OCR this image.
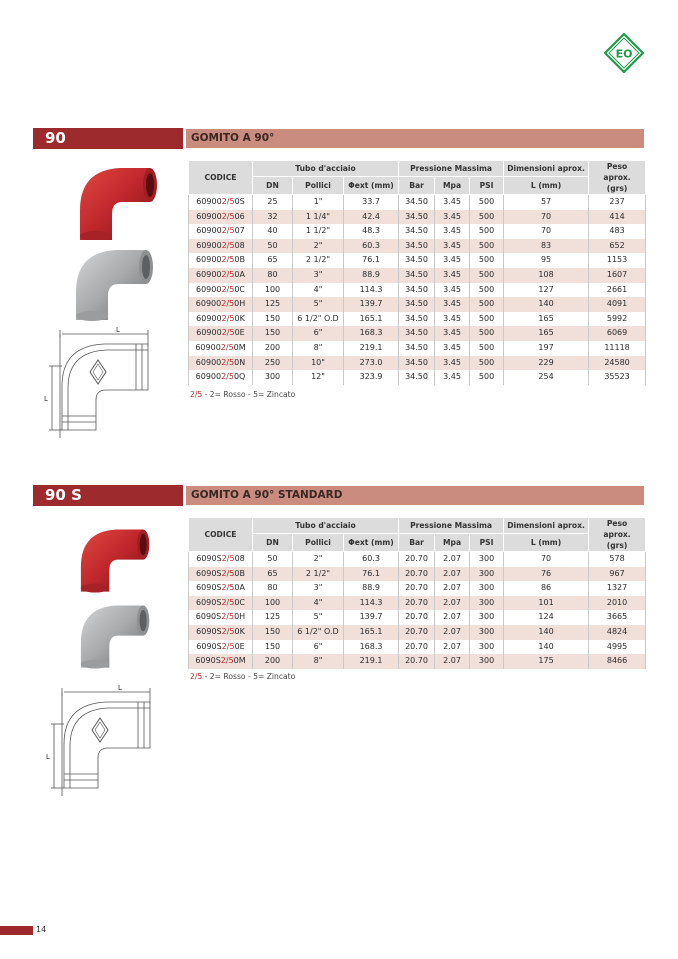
EO
90	GOMITO A 90°
L
L
CODICE	Tubo d'acciaio			Pressione Massima			Dimensioni aprox.	Peso aprox. (grs)
	DN	Pollici	Φext (mm)	Bar	Mpa	PSI	L (mm)	
609002/50S	25	1"	33.7	34.50	3.45	500	57	237
609002/506	32	1 1/4"	42.4	34.50	3.45	500	70	414
609002/507	40	1 1/2"	48.3	34.50	3.45	500	70	483
609002/508	50	2"	60.3	34.50	3.45	500	83	652
609002/50B	65	2 1/2"	76.1	34.50	3.45	500	95	1153
609002/50A	80	3"	88.9	34.50	3.45	500	108	1607
609002/50C	100	4"	114.3	34.50	3.45	500	127	2661
609002/50H	125	5"	139.7	34.50	3.45	500	140	4091
609002/50K	150	6 1/2" O.D	165.1	34.50	3.45	500	165	5992
609002/50E	150	6"	168.3	34.50	3.45	500	165	6069
609002/50M	200	8"	219.1	34.50	3.45	500	197	11118
609002/50N	250	10"	273.0	34.50	3.45	500	229	24580
609002/50Q	300	12"	323.9	34.50	3.45	500	254	35523
2/5 - 2= Rosso - 5= Zincato
90 S	GOMITO A 90° STANDARD
L
L
CODICE	Tubo d'acciaio			Pressione Massima			Dimensioni aprox.	Peso aprox. (grs)
	DN	Pollici	Φext (mm)	Bar	Mpa	PSI	L (mm)	
6090S2/508	50	2"	60.3	20.70	2.07	300	70	578
6090S2/50B	65	2 1/2"	76.1	20.70	2.07	300	76	967
6090S2/50A	80	3"	88.9	20.70	2.07	300	86	1327
6090S2/50C	100	4"	114.3	20.70	2.07	300	101	2010
6090S2/50H	125	5"	139.7	20.70	2.07	300	124	3665
6090S2/50K	150	6 1/2" O.D	165.1	20.70	2.07	300	140	4824
6090S2/50E	150	6"	168.3	20.70	2.07	300	140	4995
6090S2/50M	200	8"	219.1	20.70	2.07	300	175	8466
2/5 - 2= Rosso - 5= Zincato
14
